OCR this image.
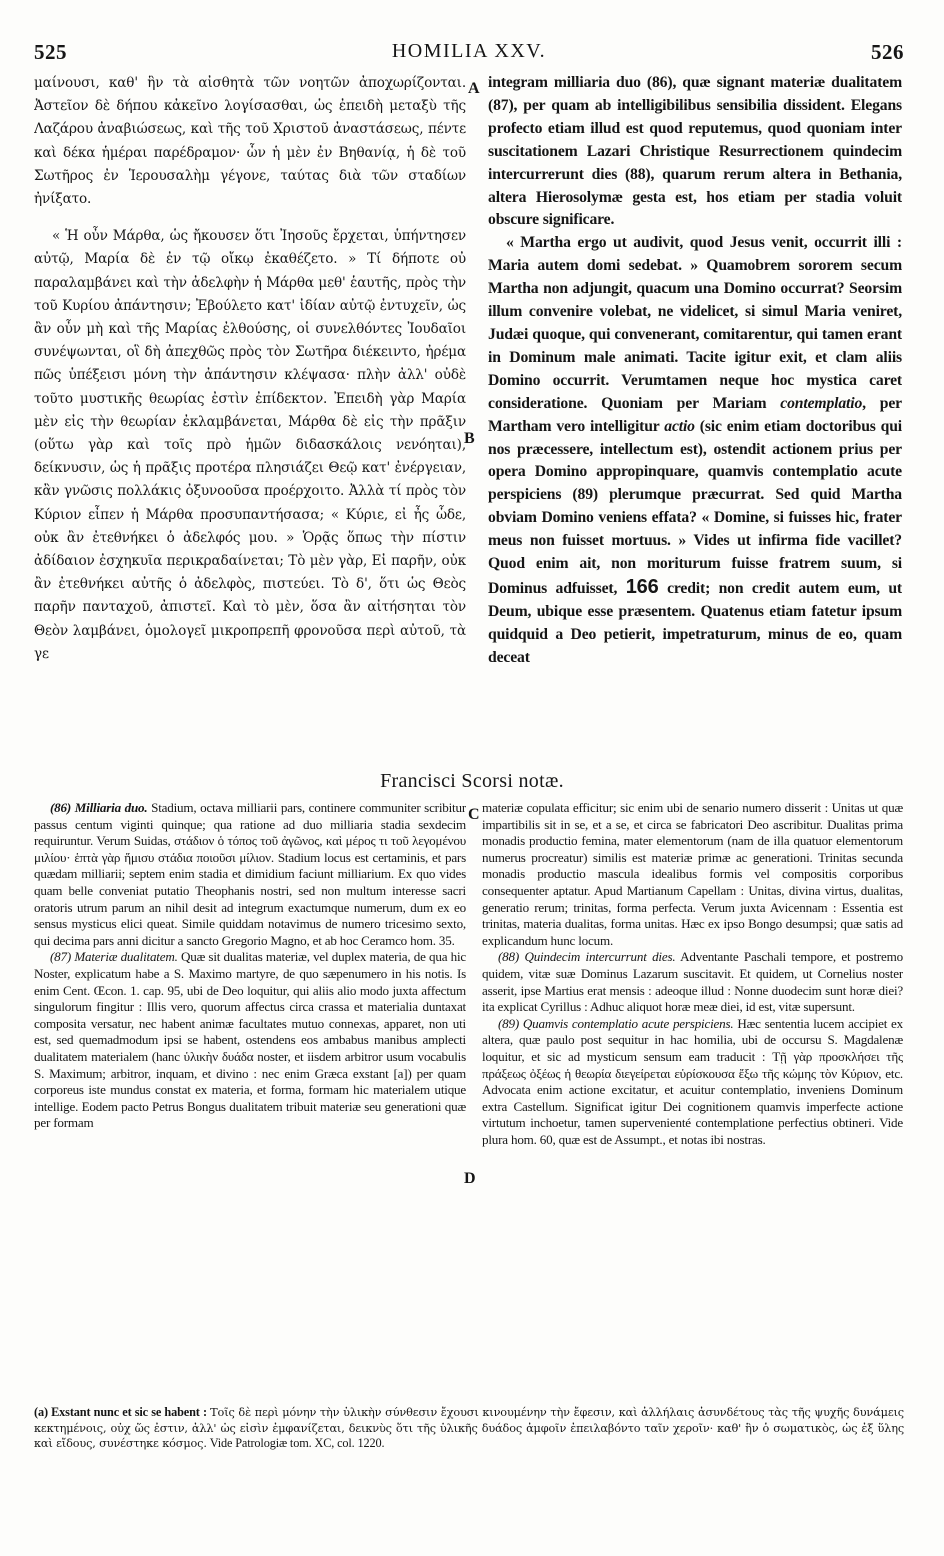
525	HOMILIA XXV.	526

μαίνουσι, καθ' ἣν τὰ αἰσθητὰ τῶν νοητῶν ἀποχωρίζονται. Ἀστεῖον δὲ δήπου κἀκεῖνο λογίσασθαι, ὡς ἐπειδὴ μεταξὺ τῆς Λαζάρου ἀναβιώσεως, καὶ τῆς τοῦ Χριστοῦ ἀναστάσεως, πέντε καὶ δέκα ἡμέραι παρέδραμον· ὧν ἡ μὲν ἐν Βηθανίᾳ, ἡ δὲ τοῦ Σωτῆρος ἐν Ἱερουσαλὴμ γέγονε, ταύτας διὰ τῶν σταδίων ἠνίξατο.

« Ἡ οὖν Μάρθα, ὡς ἤκουσεν ὅτι Ἰησοῦς ἔρχεται, ὑπήντησεν αὐτῷ, Μαρία δὲ ἐν τῷ οἴκῳ ἐκαθέζετο. » Τί δήποτε οὐ παραλαμβάνει καὶ τὴν ἀδελφὴν ἡ Μάρθα μεθ' ἑαυτῆς, πρὸς τὴν τοῦ Κυρίου ἀπάντησιν; Ἐβούλετο κατ' ἰδίαν αὐτῷ ἐντυχεῖν, ὡς ἂν οὖν μὴ καὶ τῆς Μαρίας ἐλθούσης, οἱ συνελθόντες Ἰουδαῖοι συνέψωνται, οἳ δὴ ἀπεχθῶς πρὸς τὸν Σωτῆρα διέκειντο, ἠρέμα πῶς ὑπέξεισι μόνη τὴν ἀπάντησιν κλέψασα· πλὴν ἀλλ' οὐδὲ τοῦτο μυστικῆς θεωρίας ἐστὶν ἐπίδεκτον. Ἐπειδὴ γὰρ Μαρία μὲν εἰς τὴν θεωρίαν ἐκλαμβάνεται, Μάρθα δὲ εἰς τὴν πρᾶξιν (οὕτω γὰρ καὶ τοῖς πρὸ ἡμῶν διδασκάλοις νενόηται), δείκνυσιν, ὡς ἡ πρᾶξις προτέρα πλησιάζει Θεῷ κατ' ἐνέργειαν, κἂν γνῶσις πολλάκις ὀξυνοοῦσα προέρχοιτο. Ἀλλὰ τί πρὸς τὸν Κύριον εἶπεν ἡ Μάρθα προσυπαντήσασα; « Κύριε, εἰ ἦς ὧδε, οὐκ ἂν ἐτεθνήκει ὁ ἀδελφός μου. » Ὁρᾷς ὅπως τὴν πίστιν ἀδίδαιον ἐσχηκυῖα περικραδαίνεται; Τὸ μὲν γὰρ, Εἰ παρῆν, οὐκ ἂν ἐτεθνήκει αὐτῆς ὁ ἀδελφὸς, πιστεύει. Τὸ δ', ὅτι ὡς Θεὸς παρῆν πανταχοῦ, ἀπιστεῖ. Καὶ τὸ μὲν, ὅσα ἂν αἰτήσηται τὸν Θεὸν λαμβάνει, ὁμολογεῖ μικροπρεπῆ φρονοῦσα περὶ αὐτοῦ, τὰ γε

A
B

integram milliaria duo (86), quæ signant materiæ dualitatem (87), per quam ab intelligibilibus sensibilia dissident. Elegans profecto etiam illud est quod reputemus, quod quoniam inter suscitationem Lazari Christique Resurrectionem quindecim intercurrerunt dies (88), quarum rerum altera in Bethania, altera Hierosolymæ gesta est, hos etiam per stadia voluit obscure significare.

« Martha ergo ut audivit, quod Jesus venit, occurrit illi : Maria autem domi sedebat. » Quamobrem sororem secum Martha non adjungit, quacum una Domino occurrat? Seorsim illum convenire volebat, ne videlicet, si simul Maria veniret, Judæi quoque, qui convenerant, comitarentur, qui tamen erant in Dominum male animati. Tacite igitur exit, et clam aliis Domino occurrit. Verumtamen neque hoc mystica caret consideratione. Quoniam per Mariam contemplatio, per Martham vero intelligitur actio (sic enim etiam doctoribus qui nos præcessere, intellectum est), ostendit actionem prius per opera Domino appropinquare, quamvis contemplatio acute perspiciens (89) plerumque præcurrat. Sed quid Martha obviam Domino veniens effata? « Domine, si fuisses hic, frater meus non fuisset mortuus. » Vides ut infirma fide vacillet? Quod enim ait, non moriturum fuisse fratrem suum, si Dominus adfuisset, 166 credit; non credit autem eum, ut Deum, ubique esse præsentem. Quatenus etiam fatetur ipsum quidquid a Deo petierit, impetraturum, minus de eo, quam deceat

Francisci Scorsi notæ.
C
D

(86) Milliaria duo. Stadium, octava milliarii pars, continere communiter scribitur passus centum viginti quinque; qua ratione ad duo milliaria stadia sexdecim requiruntur. Verum Suidas, στάδιον ὁ τόπος τοῦ ἀγῶνος, καὶ μέρος τι τοῦ λεγομένου μιλίου· ἑπτὰ γὰρ ἥμισυ στάδια ποιοῦσι μίλιον. Stadium locus est certaminis, et pars quædam milliarii; septem enim stadia et dimidium faciunt milliarium. Ex quo vides quam belle conveniat putatio Theophanis nostri, sed non multum interesse sacri oratoris utrum parum an nihil desit ad integrum exactumque numerum, dum ex eo sensus mysticus elici queat. Simile quiddam notavimus de numero tricesimo sexto, qui decima pars anni dicitur a sancto Gregorio Magno, et ab hoc Ceramco hom. 35.

(87) Materiæ dualitatem. Quæ sit dualitas materiæ, vel duplex materia, de qua hic Noster, explicatum habe a S. Maximo martyre, de quo sæpenumero in his notis. Is enim Cent. Œcon. 1. cap. 95, ubi de Deo loquitur, qui aliis alio modo juxta affectum singulorum fingitur : Illis vero, quorum affectus circa crassa et materialia duntaxat composita versatur, nec habent animæ facultates mutuo connexas, apparet, non uti est, sed quemadmodum ipsi se habent, ostendens eos ambabus manibus amplecti dualitatem materialem (hanc ὑλικὴν δυάδα noster, et iisdem arbitror usum vocabulis S. Maximum; arbitror, inquam, et divino : nec enim Græca exstant [a]) per quam corporeus iste mundus constat ex materia, et forma, formam hic materialem utique intellige. Eodem pacto Petrus Bongus dualitatem tribuit materiæ seu generationi quæ per formam

materiæ copulata efficitur; sic enim ubi de senario numero disserit : Unitas ut quæ impartibilis sit in se, et a se, et circa se fabricatori Deo ascribitur. Dualitas prima monadis productio femina, mater elementorum (nam de illa quatuor elementorum numerus procreatur) similis est materiæ primæ ac generationi. Trinitas secunda monadis productio mascula idealibus formis vel compositis corporibus consequenter aptatur. Apud Martianum Capellam : Unitas, divina virtus, dualitas, generatio rerum; trinitas, forma perfecta. Verum juxta Avicennam : Essentia est trinitas, materia dualitas, forma unitas. Hæc ex ipso Bongo desumpsi; quæ satis ad explicandum hunc locum.

(88) Quindecim intercurrunt dies. Adventante Paschali tempore, et postremo quidem, vitæ suæ Dominus Lazarum suscitavit. Et quidem, ut Cornelius noster asserit, ipse Martius erat mensis : adeoque illud : Nonne duodecim sunt horæ diei? ita explicat Cyrillus : Adhuc aliquot horæ meæ diei, id est, vitæ supersunt.

(89) Quamvis contemplatio acute perspiciens. Hæc sententia lucem accipiet ex altera, quæ paulo post sequitur in hac homilia, ubi de occursu S. Magdalenæ loquitur, et sic ad mysticum sensum eam traducit : Τῇ γὰρ προσκλήσει τῆς πράξεως ὀξέως ἡ θεωρία διεγείρεται εὑρίσκουσα ἔξω τῆς κώμης τὸν Κύριον, etc. Advocata enim actione excitatur, et acuitur contemplatio, inveniens Dominum extra Castellum. Significat igitur Dei cognitionem quamvis imperfecte actione virtutum inchoetur, tamen supervenienté contemplatione perfectius obtineri. Vide plura hom. 60, quæ est de Assumpt., et notas ibi nostras.

(a) Exstant nunc et sic se habent : Τοῖς δὲ περὶ μόνην τὴν ὑλικὴν σύνθεσιν ἔχουσι κινουμένην τὴν ἔφεσιν, καὶ ἀλλήλαις ἀσυνδέτους τὰς τῆς ψυχῆς δυνάμεις κεκτημένοις, οὐχ ὥς ἐστιν, ἀλλ' ὡς εἰσὶν ἐμφανίζεται, δεικνὺς ὅτι τῆς ὑλικῆς δυάδος ἀμφοῖν ἐπειλαβόντο ταῖν χεροῖν· καθ' ἣν ὁ σωματικὸς, ὡς ἐξ ὕλης καὶ εἴδους, συνέστηκε κόσμος. Vide Patrologiæ tom. XC, col. 1220.
